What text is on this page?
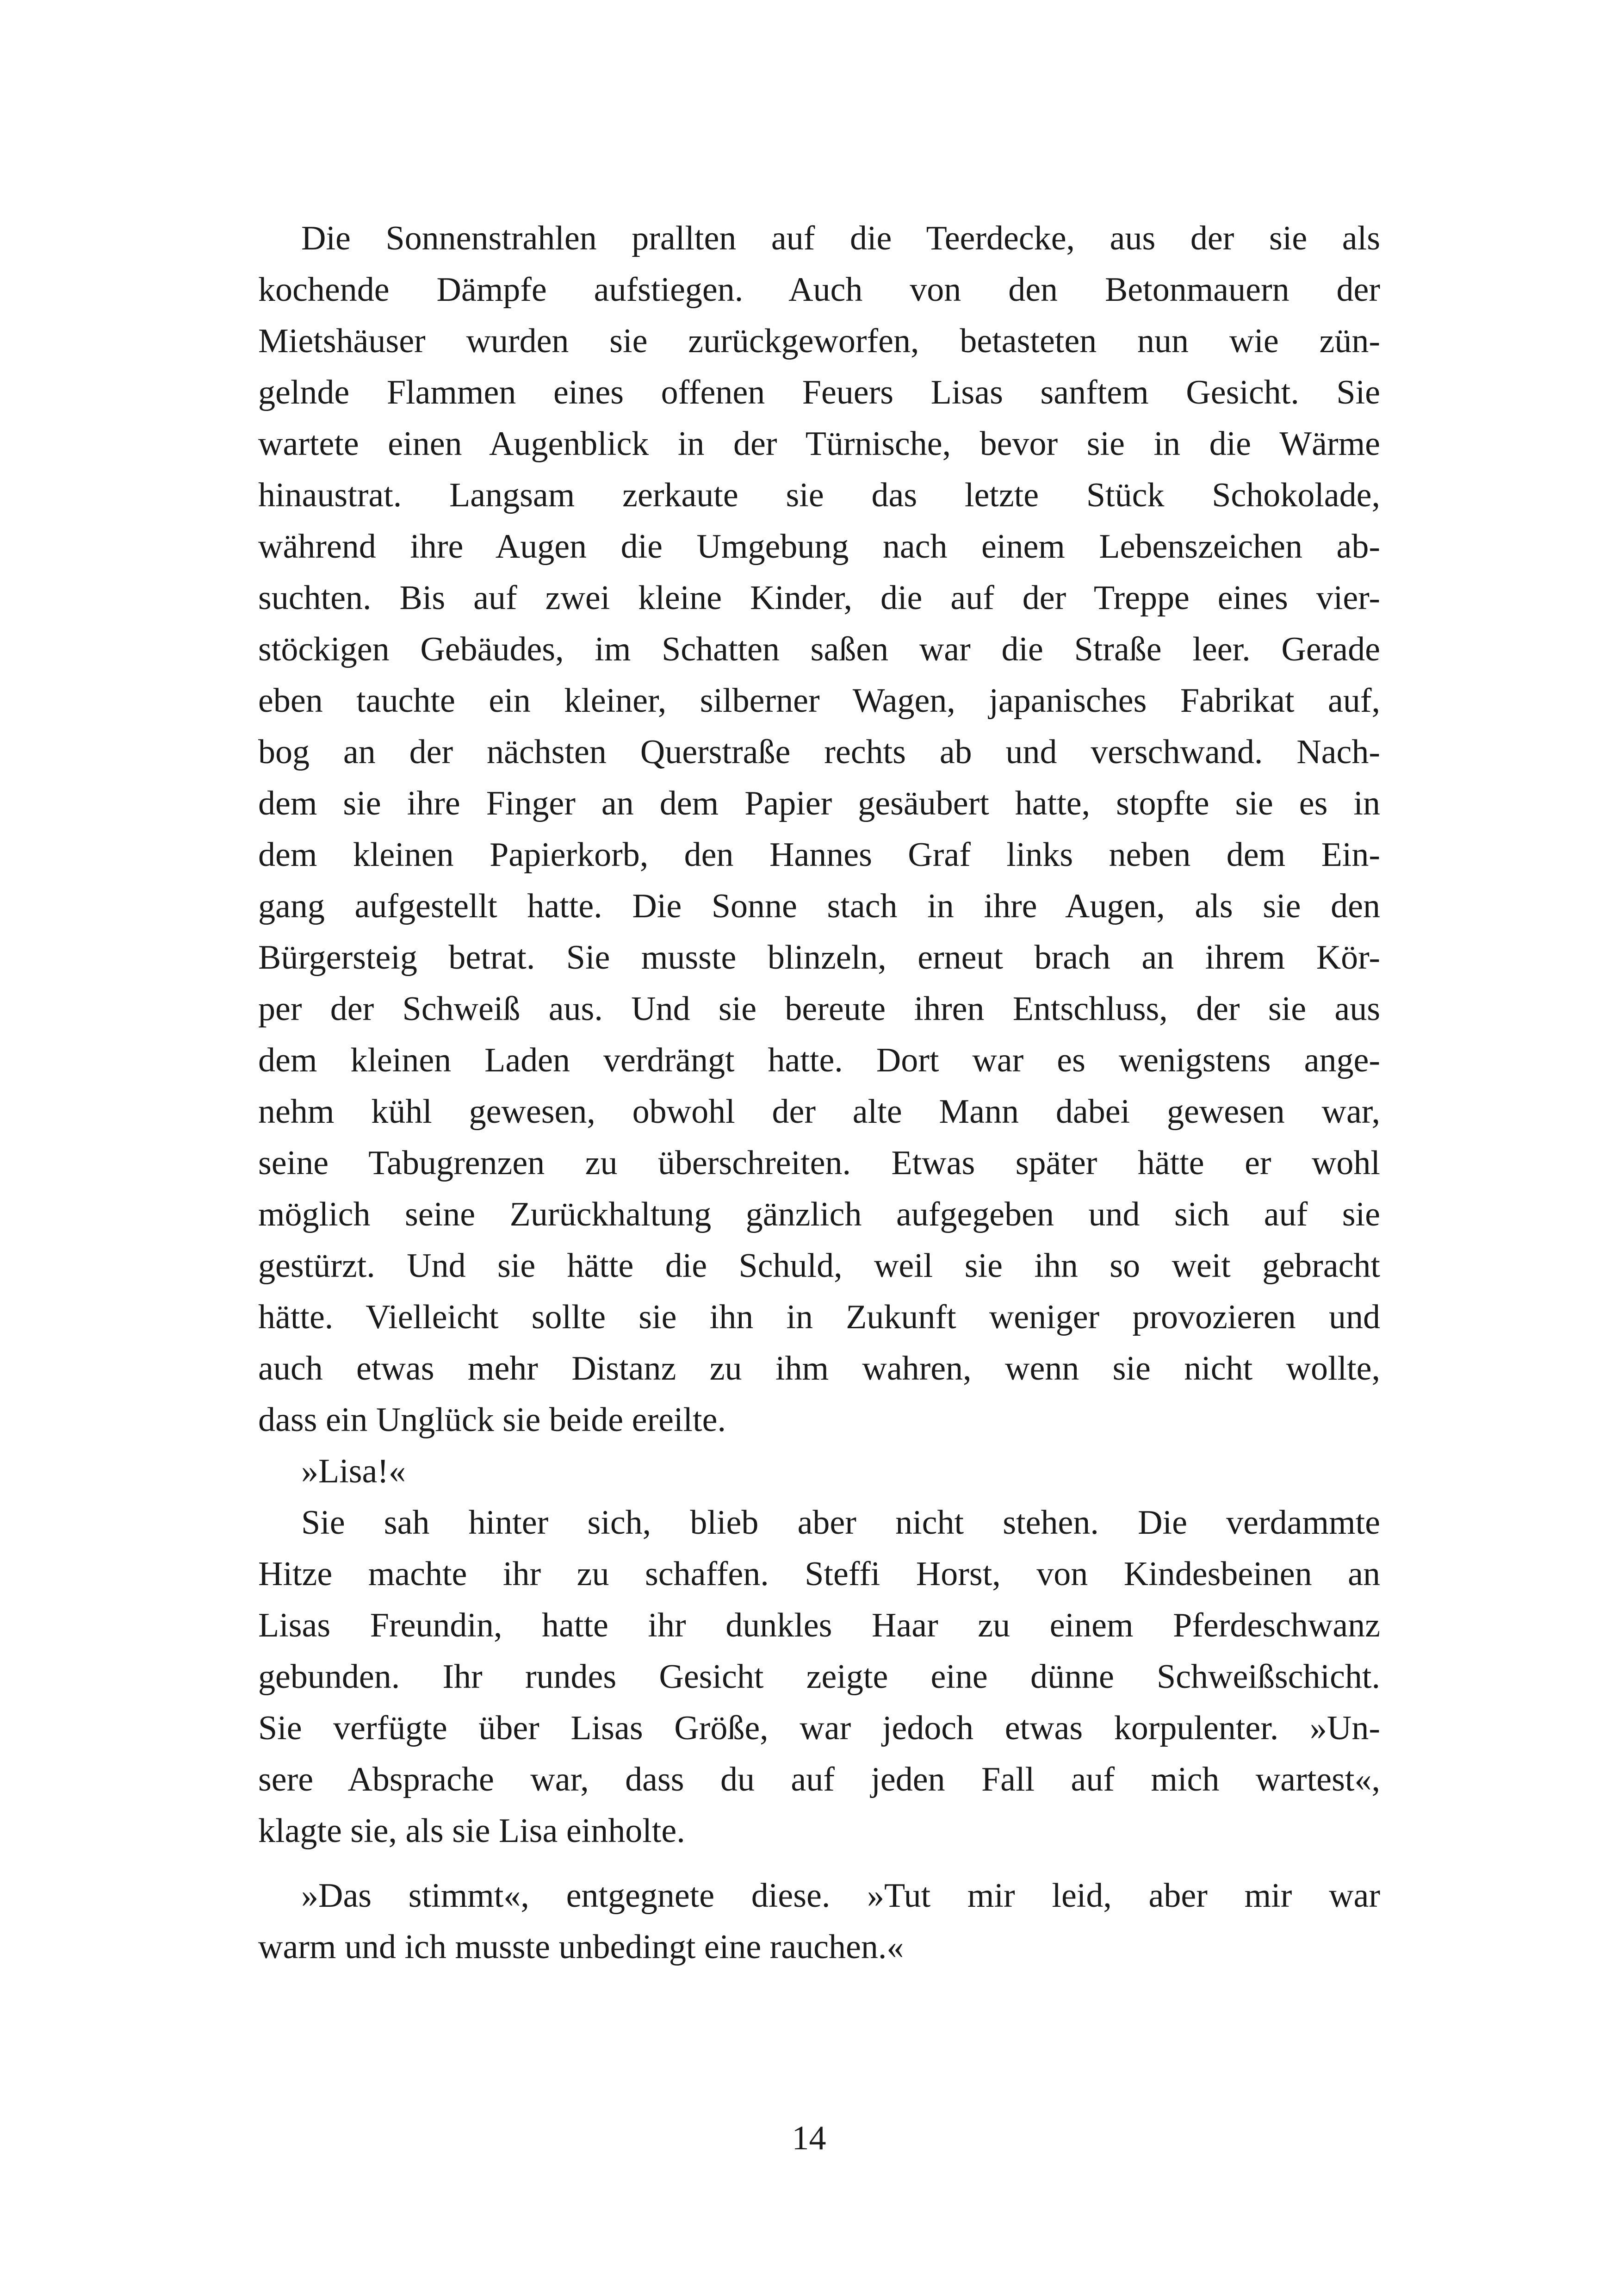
Die Sonnenstrahlen prallten auf die Teerdecke, aus der sie als
kochende Dämpfe aufstiegen. Auch von den Betonmauern der
Mietshäuser wurden sie zurückgeworfen, betasteten nun wie zün-
gelnde Flammen eines offenen Feuers Lisas sanftem Gesicht. Sie
wartete einen Augenblick in der Türnische, bevor sie in die Wärme
hinaustrat. Langsam zerkaute sie das letzte Stück Schokolade,
während ihre Augen die Umgebung nach einem Lebenszeichen ab-
suchten. Bis auf zwei kleine Kinder, die auf der Treppe eines vier-
stöckigen Gebäudes, im Schatten saßen war die Straße leer. Gerade
eben tauchte ein kleiner, silberner Wagen, japanisches Fabrikat auf,
bog an der nächsten Querstraße rechts ab und verschwand. Nach-
dem sie ihre Finger an dem Papier gesäubert hatte, stopfte sie es in
dem kleinen Papierkorb, den Hannes Graf links neben dem Ein-
gang aufgestellt hatte. Die Sonne stach in ihre Augen, als sie den
Bürgersteig betrat. Sie musste blinzeln, erneut brach an ihrem Kör-
per der Schweiß aus. Und sie bereute ihren Entschluss, der sie aus
dem kleinen Laden verdrängt hatte. Dort war es wenigstens ange-
nehm kühl gewesen, obwohl der alte Mann dabei gewesen war,
seine Tabugrenzen zu überschreiten. Etwas später hätte er wohl
möglich seine Zurückhaltung gänzlich aufgegeben und sich auf sie
gestürzt. Und sie hätte die Schuld, weil sie ihn so weit gebracht
hätte. Vielleicht sollte sie ihn in Zukunft weniger provozieren und
auch etwas mehr Distanz zu ihm wahren, wenn sie nicht wollte,
dass ein Unglück sie beide ereilte.
»Lisa!«
Sie sah hinter sich, blieb aber nicht stehen. Die verdammte
Hitze machte ihr zu schaffen. Steffi Horst, von Kindesbeinen an
Lisas Freundin, hatte ihr dunkles Haar zu einem Pferdeschwanz
gebunden. Ihr rundes Gesicht zeigte eine dünne Schweißschicht.
Sie verfügte über Lisas Größe, war jedoch etwas korpulenter. »Un-
sere Absprache war, dass du auf jeden Fall auf mich wartest«,
klagte sie, als sie Lisa einholte.
»Das stimmt«, entgegnete diese. »Tut mir leid, aber mir war
warm und ich musste unbedingt eine rauchen.«
14
